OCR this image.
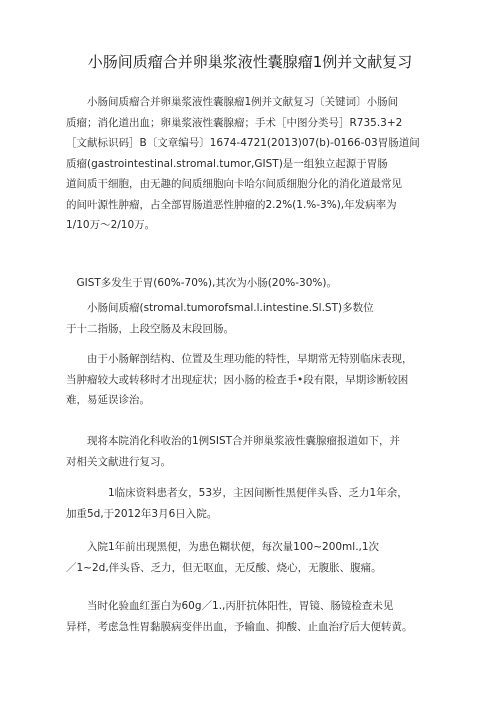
小肠间质瘤合并卵巢浆液性囊腺瘤1例并文献复习

　　小肠间质瘤合并卵巢浆液性囊腺瘤1例并文献复习〔关键词〕小肠间
质瘤；消化道出血；卵巢浆液性囊腺瘤；手术［中图分类号］R735.3+2
［文献标识码］B〔文章编号〕1674-4721(2013)07(b)-0166-03胃肠道间
质瘤(gastrointestinal.stromal.tumor,GIST)是一组独立起源于胃肠
道间质干细胞，由无趣的间质细胞向卡哈尔间质细胞分化的消化道最常见
的间叶源性肿瘤，占全部胃肠道恶性肿瘤的2.2%(1.%-3%),年发病率为
1/10万～2/10万。

　GIST多发生于胃(60%-70%),其次为小肠(20%-30%)。

　　小肠间质瘤(stromal.tumorofsmal.l.intestine.Sl.ST)多数位
于十二指肠，上段空肠及末段回肠。

　　由于小肠解剖结构、位置及生理功能的特性，早期常无特别临床表现，
当肿瘤较大或转移时才出现症状；因小肠的检查手•段有限，早期诊断较困
难，易延误诊治。

　　现将本院消化科收治的1例SIST合并卵巢浆液性囊腺瘤报道如下，并
对相关文献进行复习。

　　　　1临床资料患者女，53岁，主因间断性黑便伴头昏、乏力1年余，
加重5d,于2012年3月6日入院。

　　入院1年前出现黑便，为患色糊状便，每次量100~200ml.,1次
／1~2d,伴头昏、乏力，但无呕血，无反酸、烧心，无腹胀、腹痛。

　　当时化验血红蛋白为60g／1.,丙肝抗体阳性，胃镜、肠镜检查未见
异样，考虑急性胃黏膜病变伴出血，予输血、抑酸、止血治疗后大便转黄。
